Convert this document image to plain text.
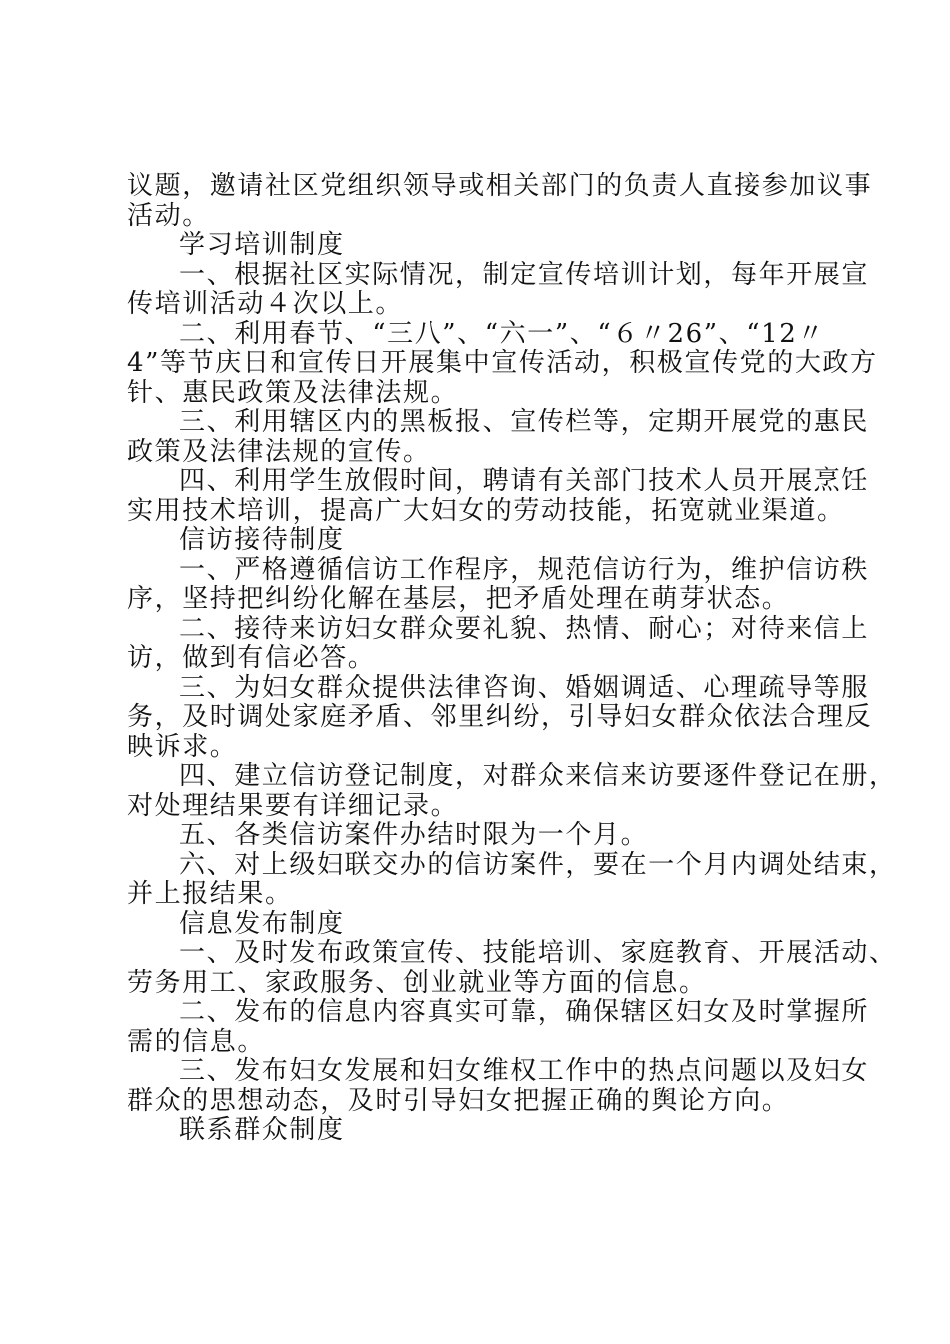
议题，邀请社区党组织领导或相关部门的负责人直接参加议事
活动。
学习培训制度
一、根据社区实际情况，制定宣传培训计划，每年开展宣
传培训活动４次以上。
二、利用春节、“三八”、“六一”、“６〃26”、“12〃
4”等节庆日和宣传日开展集中宣传活动，积极宣传党的大政方
针、惠民政策及法律法规。
三、利用辖区内的黑板报、宣传栏等，定期开展党的惠民
政策及法律法规的宣传。
四、利用学生放假时间，聘请有关部门技术人员开展烹饪
实用技术培训，提高广大妇女的劳动技能，拓宽就业渠道。
信访接待制度
一、严格遵循信访工作程序，规范信访行为，维护信访秩
序，坚持把纠纷化解在基层，把矛盾处理在萌芽状态。
二、接待来访妇女群众要礼貌、热情、耐心；对待来信上
访，做到有信必答。
三、为妇女群众提供法律咨询、婚姻调适、心理疏导等服
务，及时调处家庭矛盾、邻里纠纷，引导妇女群众依法合理反
映诉求。
四、建立信访登记制度，对群众来信来访要逐件登记在册，
对处理结果要有详细记录。
五、各类信访案件办结时限为一个月。
六、对上级妇联交办的信访案件，要在一个月内调处结束，
并上报结果。
信息发布制度
一、及时发布政策宣传、技能培训、家庭教育、开展活动、
劳务用工、家政服务、创业就业等方面的信息。
二、发布的信息内容真实可靠，确保辖区妇女及时掌握所
需的信息。
三、发布妇女发展和妇女维权工作中的热点问题以及妇女
群众的思想动态，及时引导妇女把握正确的舆论方向。
联系群众制度
